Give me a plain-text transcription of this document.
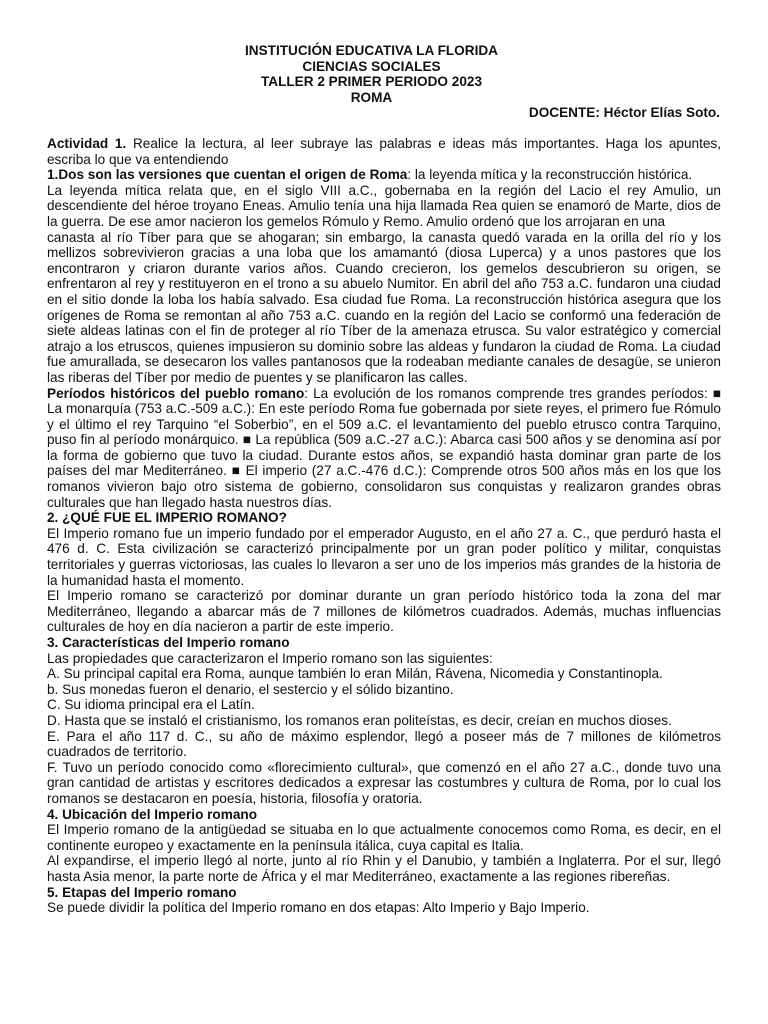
INSTITUCIÓN EDUCATIVA LA FLORIDA
CIENCIAS SOCIALES
TALLER 2 PRIMER PERIODO 2023
ROMA
DOCENTE: Héctor Elías Soto.

Actividad 1. Realice la lectura, al leer subraye las palabras e ideas más importantes. Haga los apuntes, escriba lo que va entendiendo

1.Dos son las versiones que cuentan el origen de Roma: la leyenda mítica y la reconstrucción histórica.

La leyenda mítica relata que, en el siglo VIII a.C., gobernaba en la región del Lacio el rey Amulio, un descendiente del héroe troyano Eneas. Amulio tenía una hija llamada Rea quien se enamoró de Marte, dios de la guerra. De ese amor nacieron los gemelos Rómulo y Remo. Amulio ordenó que los arrojaran en una

canasta al río Tíber para que se ahogaran; sin embargo, la canasta quedó varada en la orilla del río y los mellizos sobrevivieron gracias a una loba que los amamantó (diosa Luperca) y a unos pastores que los encontraron y criaron durante varios años. Cuando crecieron, los gemelos descubrieron su origen, se enfrentaron al rey y restituyeron en el trono a su abuelo Numitor. En abril del año 753 a.C. fundaron una ciudad en el sitio donde la loba los había salvado. Esa ciudad fue Roma. La reconstrucción histórica asegura que los orígenes de Roma se remontan al año 753 a.C. cuando en la región del Lacio se conformó una federación de siete aldeas latinas con el fin de proteger al río Tíber de la amenaza etrusca. Su valor estratégico y comercial atrajo a los etruscos, quienes impusieron su dominio sobre las aldeas y fundaron la ciudad de Roma. La ciudad fue amurallada, se desecaron los valles pantanosos que la rodeaban mediante canales de desagüe, se unieron las riberas del Tíber por medio de puentes y se planificaron las calles.

Períodos históricos del pueblo romano: La evolución de los romanos comprende tres grandes períodos: ■ La monarquía (753 a.C.-509 a.C.): En este período Roma fue gobernada por siete reyes, el primero fue Rómulo y el último el rey Tarquino “el Soberbio”, en el 509 a.C. el levantamiento del pueblo etrusco contra Tarquino, puso fin al período monárquico. ■ La república (509 a.C.-27 a.C.): Abarca casi 500 años y se denomina así por la forma de gobierno que tuvo la ciudad. Durante estos años, se expandió hasta dominar gran parte de los países del mar Mediterráneo. ■ El imperio (27 a.C.-476 d.C.): Comprende otros 500 años más en los que los romanos vivieron bajo otro sistema de gobierno, consolidaron sus conquistas y realizaron grandes obras culturales que han llegado hasta nuestros días.

2. ¿QUÉ FUE EL IMPERIO ROMANO?

El Imperio romano fue un imperio fundado por el emperador Augusto, en el año 27 a. C., que perduró hasta el 476 d. C. Esta civilización se caracterizó principalmente por un gran poder político y militar, conquistas territoriales y guerras victoriosas, las cuales lo llevaron a ser uno de los imperios más grandes de la historia de la humanidad hasta el momento.

El Imperio romano se caracterizó por dominar durante un gran período histórico toda la zona del mar Mediterráneo, llegando a abarcar más de 7 millones de kilómetros cuadrados. Además, muchas influencias culturales de hoy en día nacieron a partir de este imperio.

3. Características del Imperio romano

Las propiedades que caracterizaron el Imperio romano son las siguientes:

A. Su principal capital era Roma, aunque también lo eran Milán, Rávena, Nicomedia y Constantinopla.

b. Sus monedas fueron el denario, el sestercio y el sólido bizantino.

C. Su idioma principal era el Latín.

D. Hasta que se instaló el cristianismo, los romanos eran politeístas, es decir, creían en muchos dioses.

E. Para el año 117 d. C., su año de máximo esplendor, llegó a poseer más de 7 millones de kilómetros cuadrados de territorio.

F. Tuvo un período conocido como «florecimiento cultural», que comenzó en el año 27 a.C., donde tuvo una gran cantidad de artistas y escritores dedicados a expresar las costumbres y cultura de Roma, por lo cual los romanos se destacaron en poesía, historia, filosofía y oratoria.

4. Ubicación del Imperio romano

El Imperio romano de la antigüedad se situaba en lo que actualmente conocemos como Roma, es decir, en el continente europeo y exactamente en la península itálica, cuya capital es Italia.

Al expandirse, el imperio llegó al norte, junto al río Rhin y el Danubio, y también a Inglaterra. Por el sur, llegó hasta Asia menor, la parte norte de África y el mar Mediterráneo, exactamente a las regiones ribereñas.

5. Etapas del Imperio romano

Se puede dividir la política del Imperio romano en dos etapas: Alto Imperio y Bajo Imperio.
